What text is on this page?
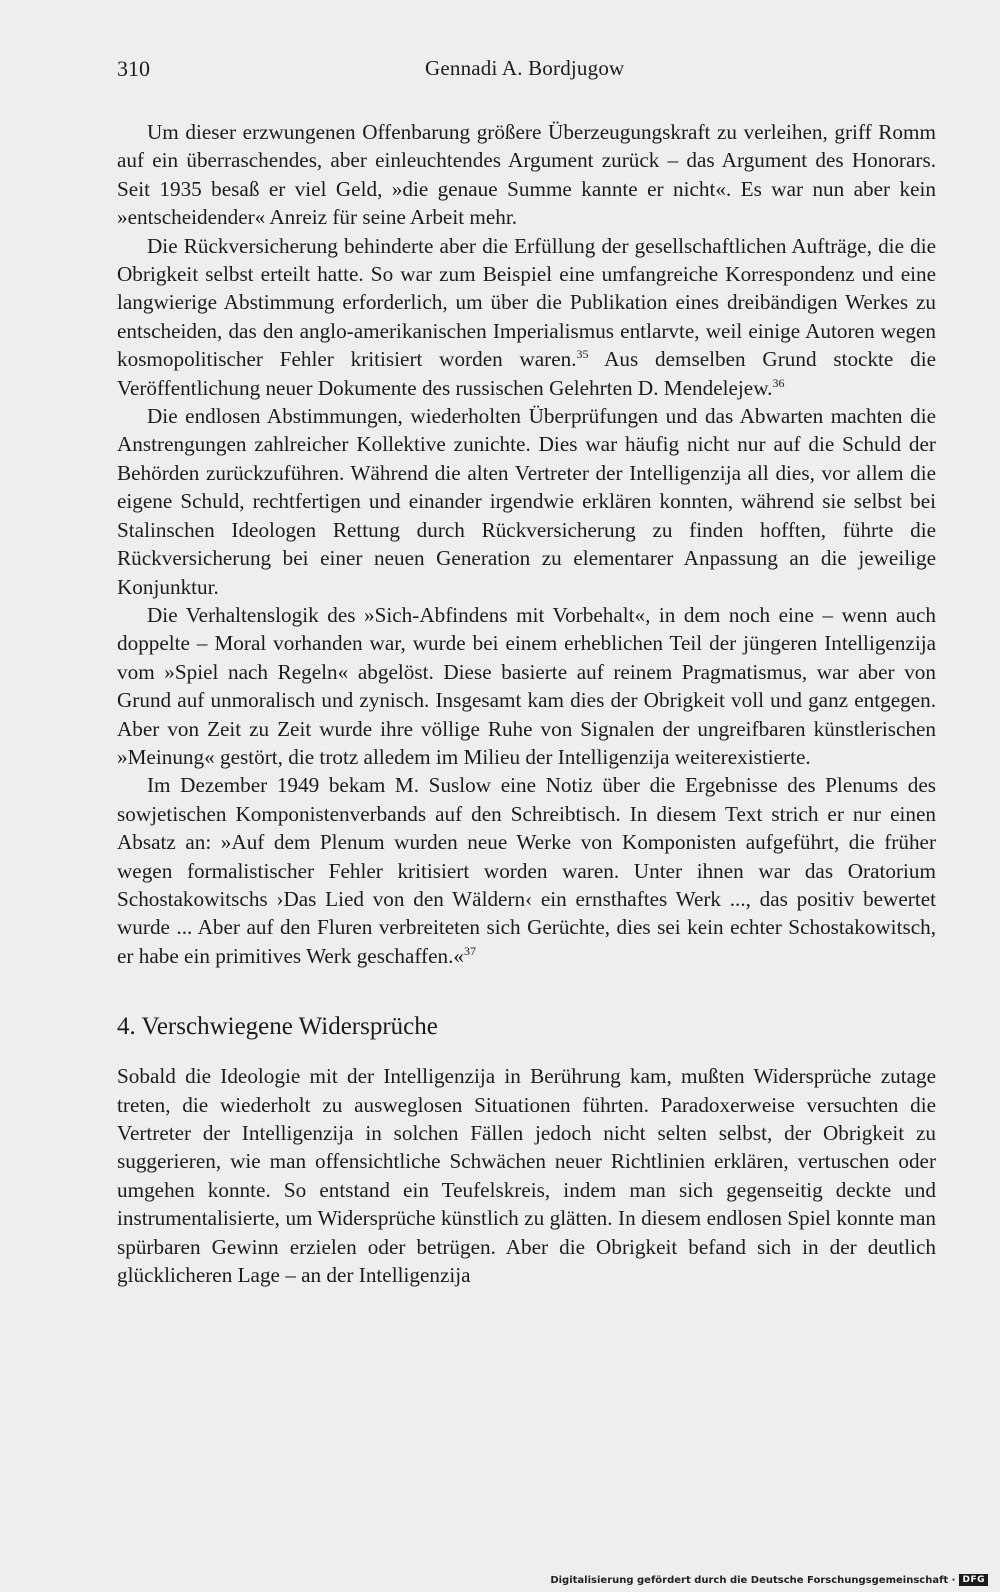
310	Gennadi A. Bordjugow

Um dieser erzwungenen Offenbarung größere Überzeugungskraft zu verleihen, griff Romm auf ein überraschendes, aber einleuchtendes Argument zurück – das Argument des Honorars. Seit 1935 besaß er viel Geld, »die genaue Summe kannte er nicht«. Es war nun aber kein »entscheidender« Anreiz für seine Arbeit mehr.

Die Rückversicherung behinderte aber die Erfüllung der gesellschaftlichen Aufträge, die die Obrigkeit selbst erteilt hatte. So war zum Beispiel eine umfangreiche Korrespondenz und eine langwierige Abstimmung erforderlich, um über die Publikation eines dreibändigen Werkes zu entscheiden, das den anglo-amerikanischen Imperialismus entlarvte, weil einige Autoren wegen kosmopolitischer Fehler kritisiert worden waren.$^{35}$ Aus demselben Grund stockte die Veröffentlichung neuer Dokumente des russischen Gelehrten D. Mendelejew.$^{36}$

Die endlosen Abstimmungen, wiederholten Überprüfungen und das Abwarten machten die Anstrengungen zahlreicher Kollektive zunichte. Dies war häufig nicht nur auf die Schuld der Behörden zurückzuführen. Während die alten Vertreter der Intelligenzija all dies, vor allem die eigene Schuld, rechtfertigen und einander irgendwie erklären konnten, während sie selbst bei Stalinschen Ideologen Rettung durch Rückversicherung zu finden hofften, führte die Rückversicherung bei einer neuen Generation zu elementarer Anpassung an die jeweilige Konjunktur.

Die Verhaltenslogik des »Sich-Abfindens mit Vorbehalt«, in dem noch eine – wenn auch doppelte – Moral vorhanden war, wurde bei einem erheblichen Teil der jüngeren Intelligenzija vom »Spiel nach Regeln« abgelöst. Diese basierte auf reinem Pragmatismus, war aber von Grund auf unmoralisch und zynisch. Insgesamt kam dies der Obrigkeit voll und ganz entgegen. Aber von Zeit zu Zeit wurde ihre völlige Ruhe von Signalen der ungreifbaren künstlerischen »Meinung« gestört, die trotz alledem im Milieu der Intelligenzija weiterexistierte.

Im Dezember 1949 bekam M. Suslow eine Notiz über die Ergebnisse des Plenums des sowjetischen Komponistenverbands auf den Schreibtisch. In diesem Text strich er nur einen Absatz an: »Auf dem Plenum wurden neue Werke von Komponisten aufgeführt, die früher wegen formalistischer Fehler kritisiert worden waren. Unter ihnen war das Oratorium Schostakowitschs ›Das Lied von den Wäldern‹ ein ernsthaftes Werk ..., das positiv bewertet wurde ... Aber auf den Fluren verbreiteten sich Gerüchte, dies sei kein echter Schostakowitsch, er habe ein primitives Werk geschaffen.«$^{37}$

4. Verschwiegene Widersprüche

Sobald die Ideologie mit der Intelligenzija in Berührung kam, mußten Widersprüche zutage treten, die wiederholt zu ausweglosen Situationen führten. Paradoxerweise versuchten die Vertreter der Intelligenzija in solchen Fällen jedoch nicht selten selbst, der Obrigkeit zu suggerieren, wie man offensichtliche Schwächen neuer Richtlinien erklären, vertuschen oder umgehen konnte. So entstand ein Teufelskreis, indem man sich gegenseitig deckte und instrumentalisierte, um Widersprüche künstlich zu glätten. In diesem endlosen Spiel konnte man spürbaren Gewinn erzielen oder betrügen. Aber die Obrigkeit befand sich in der deutlich glücklicheren Lage – an der Intelligenzija

Digitalisierung gefördert durch die Deutsche Forschungsgemeinschaft · DFG
